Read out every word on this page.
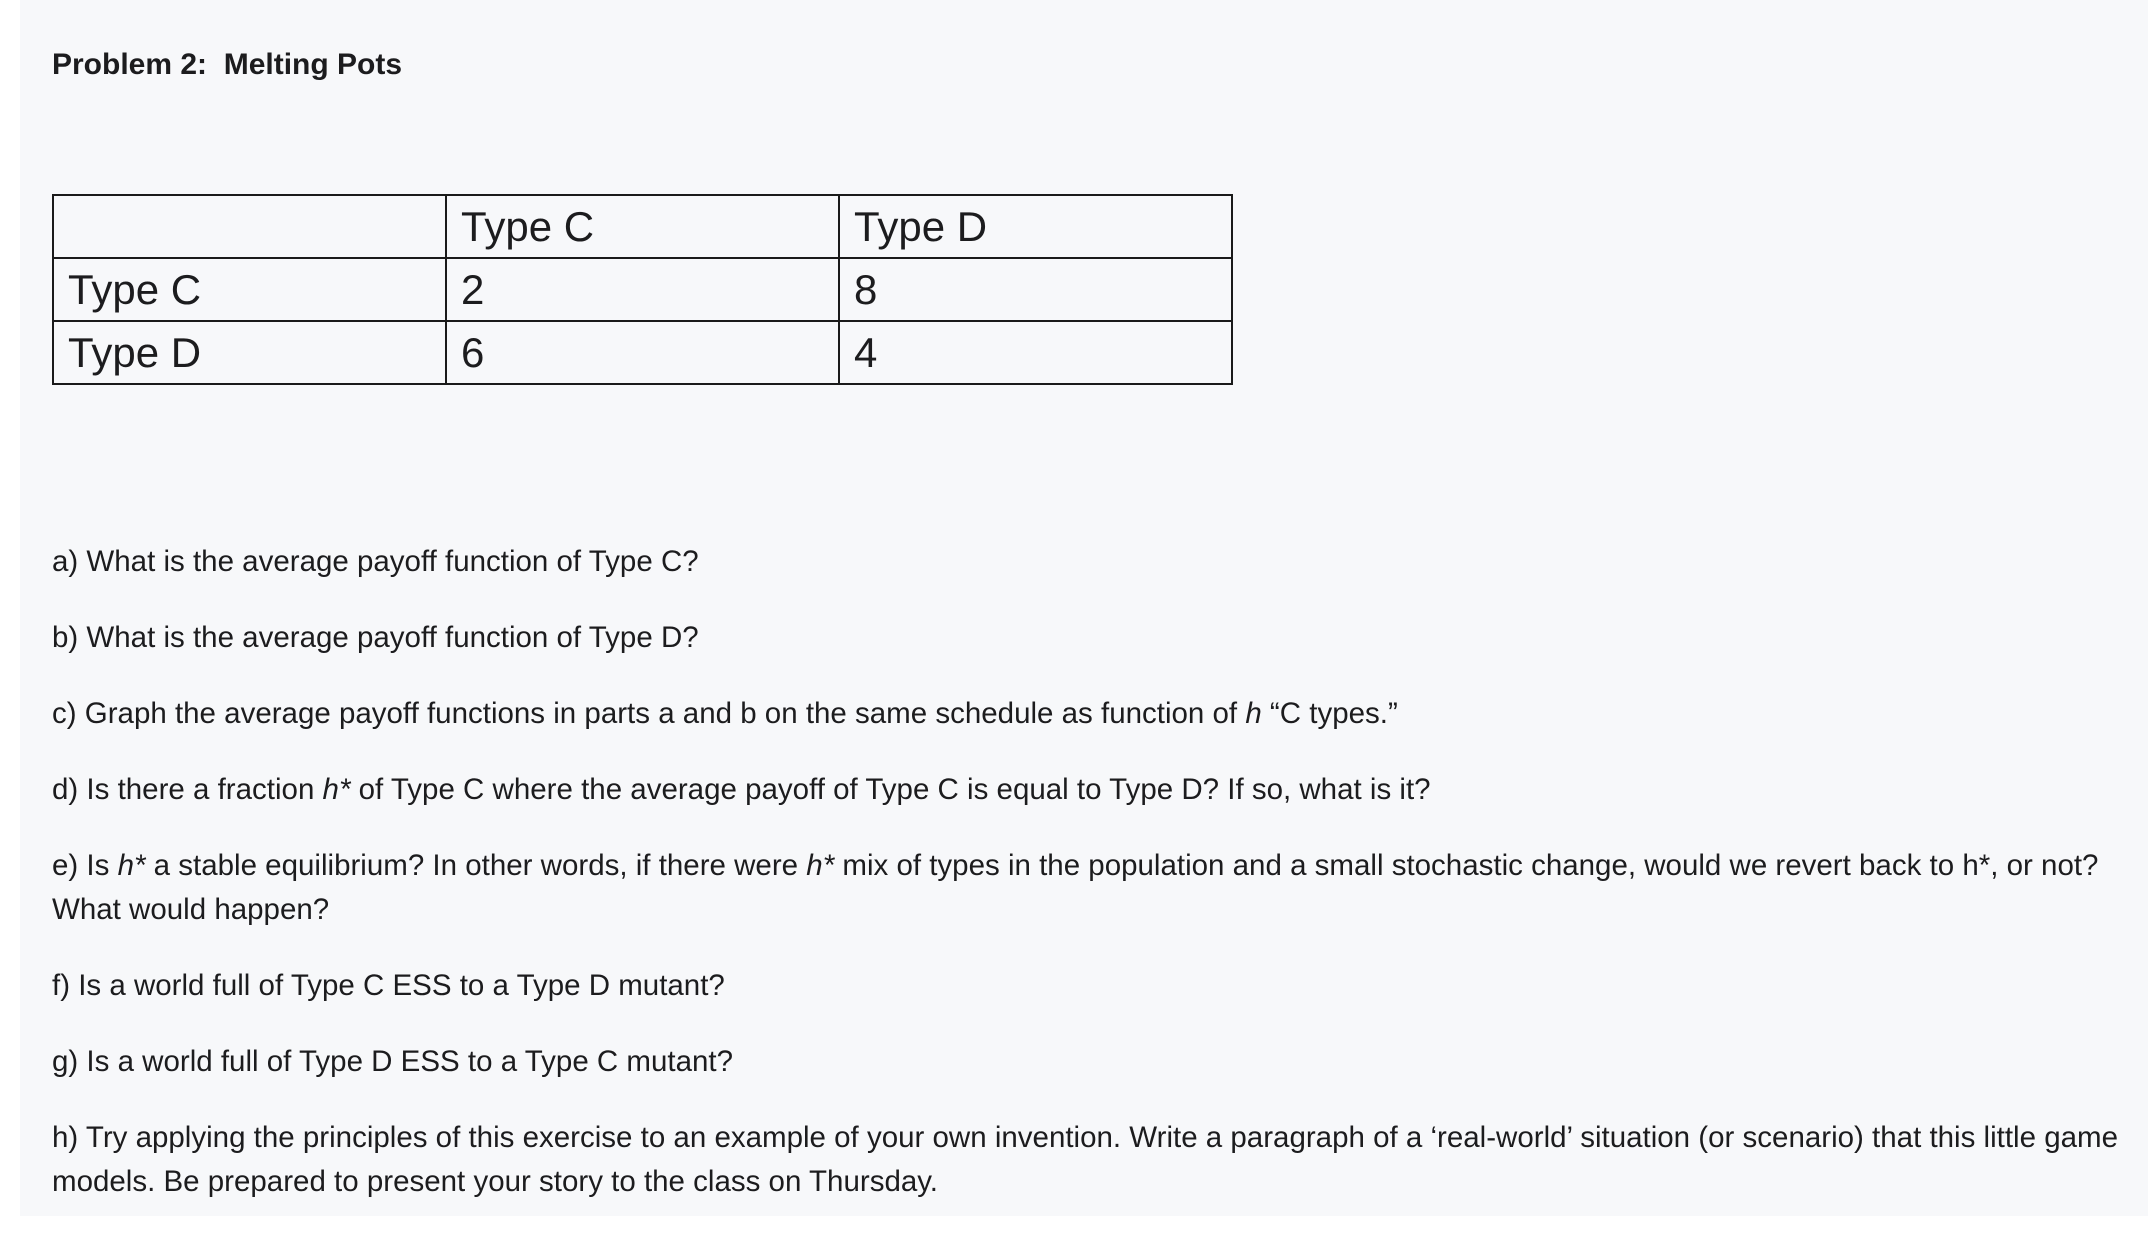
Problem 2:  Melting Pots
	Type C	Type D
Type C	2	8
Type D	6	4

a) What is the average payoff function of Type C?

b) What is the average payoff function of Type D?

c) Graph the average payoff functions in parts a and b on the same schedule as function of h “C types.”

d) Is there a fraction h* of Type C where the average payoff of Type C is equal to Type D? If so, what is it?

e) Is h* a stable equilibrium? In other words, if there were h* mix of types in the population and a small stochastic change, would we revert back to h*, or not? What would happen?

f) Is a world full of Type C ESS to a Type D mutant?

g) Is a world full of Type D ESS to a Type C mutant?

h) Try applying the principles of this exercise to an example of your own invention. Write a paragraph of a ‘real-world’ situation (or scenario) that this little game models. Be prepared to present your story to the class on Thursday.
